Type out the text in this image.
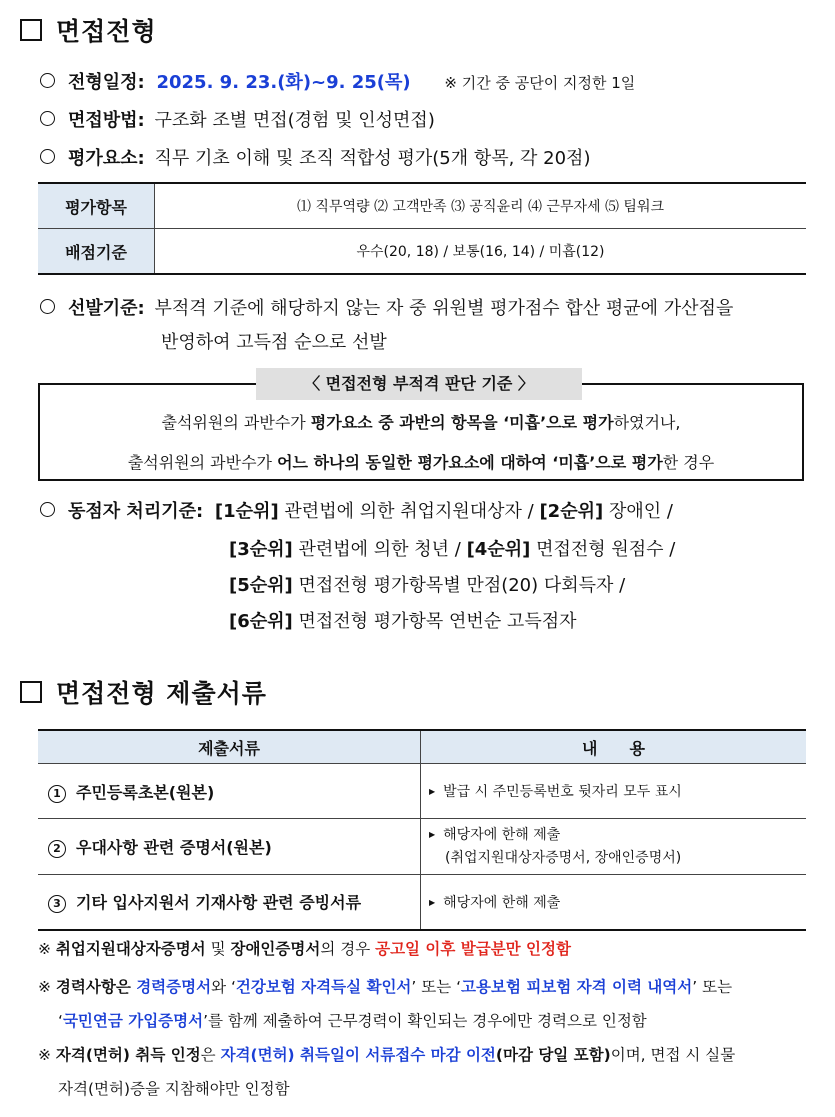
면접전형
전형일정: 2025. 9. 23.(화)~9. 25(목) ※ 기간 중 공단이 지정한 1일
면접방법: 구조화 조별 면접(경험 및 인성면접)
평가요소: 직무 기초 이해 및 조직 적합성 평가(5개 항목, 각 20점)
평가항목	⑴ 직무역량 ⑵ 고객만족 ⑶ 공직윤리 ⑷ 근무자세 ⑸ 팀워크
배점기준	우수(20, 18) / 보통(16, 14) / 미흡(12)
선발기준: 부적격 기준에 해당하지 않는 자 중 위원별 평가점수 합산 평균에 가산점을
반영하여 고득점 순으로 선발
〈 면접전형 부적격 판단 기준 〉
출석위원의 과반수가 평가요소 중 과반의 항목을 ‘미흡’으로 평가하였거나,
출석위원의 과반수가 어느 하나의 동일한 평가요소에 대하여 ‘미흡’으로 평가한 경우
동점자 처리기준: [1순위] 관련법에 의한 취업지원대상자 / [2순위] 장애인 /
[3순위] 관련법에 의한 청년 / [4순위] 면접전형 원점수 /
[5순위] 면접전형 평가항목별 만점(20) 다회득자 /
[6순위] 면접전형 평가항목 연번순 고득점자
면접전형 제출서류
제출서류	내　　용
1 주민등록초본(원본)	▶ 발급 시 주민등록번호 뒷자리 모두 표시
2 우대사항 관련 증명서(원본)	▶ 해당자에 한해 제출
(취업지원대상자증명서, 장애인증명서)
3 기타 입사지원서 기재사항 관련 증빙서류	▶ 해당자에 한해 제출
※ 취업지원대상자증명서 및 장애인증명서의 경우 공고일 이후 발급분만 인정함
※ 경력사항은 경력증명서와 ‘건강보험 자격득실 확인서’ 또는 ‘고용보험 피보험 자격 이력 내역서’ 또는
‘국민연금 가입증명서’를 함께 제출하여 근무경력이 확인되는 경우에만 경력으로 인정함
※ 자격(면허) 취득 인정은 자격(면허) 취득일이 서류접수 마감 이전(마감 당일 포함)이며, 면접 시 실물
자격(면허)증을 지참해야만 인정함
